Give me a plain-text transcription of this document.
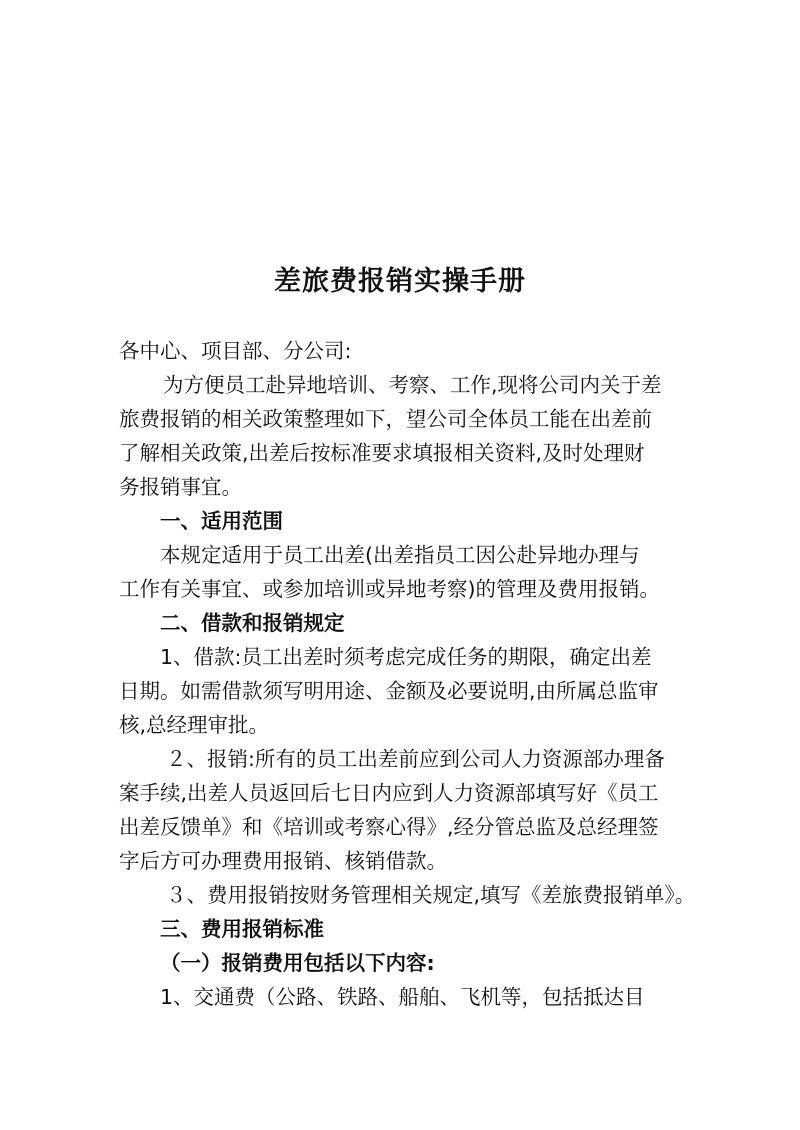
差旅费报销实操手册
各中心、项目部、分公司:
为方便员工赴异地培训、考察、工作,现将公司内关于差
旅费报销的相关政策整理如下，望公司全体员工能在出差前
了解相关政策,出差后按标准要求填报相关资料,及时处理财
务报销事宜。
一、适用范围
本规定适用于员工出差(出差指员工因公赴异地办理与
工作有关事宜、或参加培训或异地考察)的管理及费用报销。
二、借款和报销规定
1、借款:员工出差时须考虑完成任务的期限，确定出差
日期。如需借款须写明用途、金额及必要说明,由所属总监审
核,总经理审批。
２、报销:所有的员工出差前应到公司人力资源部办理备
案手续,出差人员返回后七日内应到人力资源部填写好《员工
出差反馈单》和《培训或考察心得》,经分管总监及总经理签
字后方可办理费用报销、核销借款。
３、费用报销按财务管理相关规定,填写《差旅费报销单》。
三、费用报销标准
（一）报销费用包括以下内容:
1、交通费（公路、铁路、船舶、飞机等，包括抵达目
